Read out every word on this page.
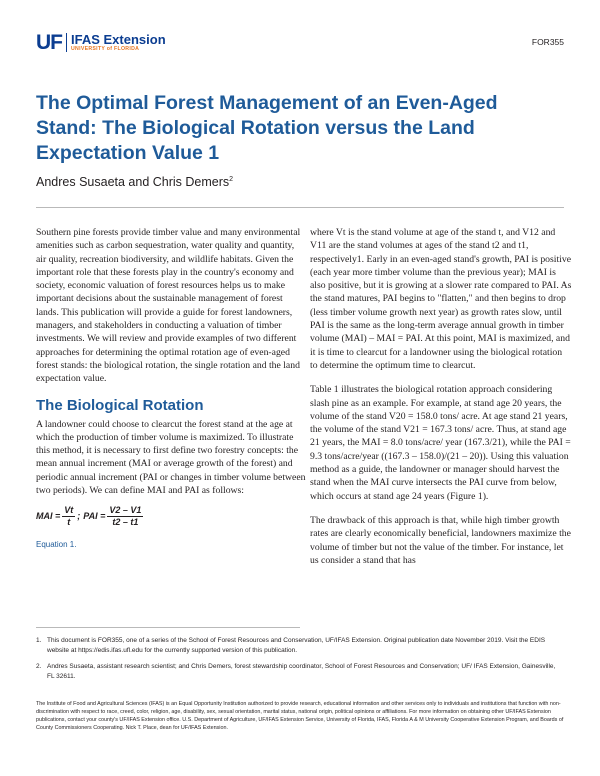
UF IFAS Extension
UNIVERSITY of FLORIDA
FOR355
The Optimal Forest Management of an Even-Aged Stand: The Biological Rotation versus the Land Expectation Value 1
Andres Susaeta and Chris Demers$^2$

Southern pine forests provide timber value and many environmental amenities such as carbon sequestration, water quality and quantity, air quality, recreation biodiversity, and wildlife habitats. Given the important role that these forests play in the country's economy and society, economic valuation of forest resources helps us to make important decisions about the sustainable management of forest lands. This publication will provide a guide for forest landowners, managers, and stakeholders in conducting a valuation of timber investments. We will review and provide examples of two different approaches for determining the optimal rotation age of even-aged forest stands: the biological rotation, the single rotation and the land expectation value.

The Biological Rotation

A landowner could choose to clearcut the forest stand at the age at which the production of timber volume is maximized. To illustrate this method, it is necessary to first define two forestry concepts: the mean annual increment (MAI or average growth of the forest) and periodic annual increment (PAI or changes in timber volume between two periods). We can define MAI and PAI as follows:

MAI = $\frac{Vt}{t}$ ; PAI = $\frac{V2 - V1}{t2 - t1}$
Equation 1.

where Vt is the stand volume at age of the stand t, and V12 and V11 are the stand volumes at ages of the stand t2 and t1, respectively1. Early in an even-aged stand's growth, PAI is positive (each year more timber volume than the previous year); MAI is also positive, but it is growing at a slower rate compared to PAI. As the stand matures, PAI begins to "flatten," and then begins to drop (less timber volume growth next year) as growth rates slow, until PAI is the same as the long-term average annual growth in timber volume (MAI) – MAI = PAI. At this point, MAI is maximized, and it is time to clearcut for a landowner using the biological rotation to determine the optimum time to clearcut.

Table 1 illustrates the biological rotation approach considering slash pine as an example. For example, at stand age 20 years, the volume of the stand V20 = 158.0 tons/ acre. At age stand 21 years, the volume of the stand V21 = 167.3 tons/ acre. Thus, at stand age 21 years, the MAI = 8.0 tons/acre/ year (167.3/21), while the PAI = 9.3 tons/acre/year ((167.3 – 158.0)/(21 – 20)). Using this valuation method as a guide, the landowner or manager should harvest the stand when the MAI curve intersects the PAI curve from below, which occurs at stand age 24 years (Figure 1).

The drawback of this approach is that, while high timber growth rates are clearly economically beneficial, landowners maximize the volume of timber but not the value of the timber. For instance, let us consider a stand that has

1. This document is FOR355, one of a series of the School of Forest Resources and Conservation, UF/IFAS Extension. Original publication date November 2019. Visit the EDIS website at https://edis.ifas.ufl.edu for the currently supported version of this publication.
2. Andres Susaeta, assistant research scientist; and Chris Demers, forest stewardship coordinator, School of Forest Resources and Conservation; UF/ IFAS Extension, Gainesville, FL 32611.
The Institute of Food and Agricultural Sciences (IFAS) is an Equal Opportunity Institution authorized to provide research, educational information and other services only to individuals and institutions that function with non-discrimination with respect to race, creed, color, religion, age, disability, sex, sexual orientation, marital status, national origin, political opinions or affiliations. For more information on obtaining other UF/IFAS Extension publications, contact your county's UF/IFAS Extension office. U.S. Department of Agriculture, UF/IFAS Extension Service, University of Florida, IFAS, Florida A & M University Cooperative Extension Program, and Boards of County Commissioners Cooperating. Nick T. Place, dean for UF/IFAS Extension.
